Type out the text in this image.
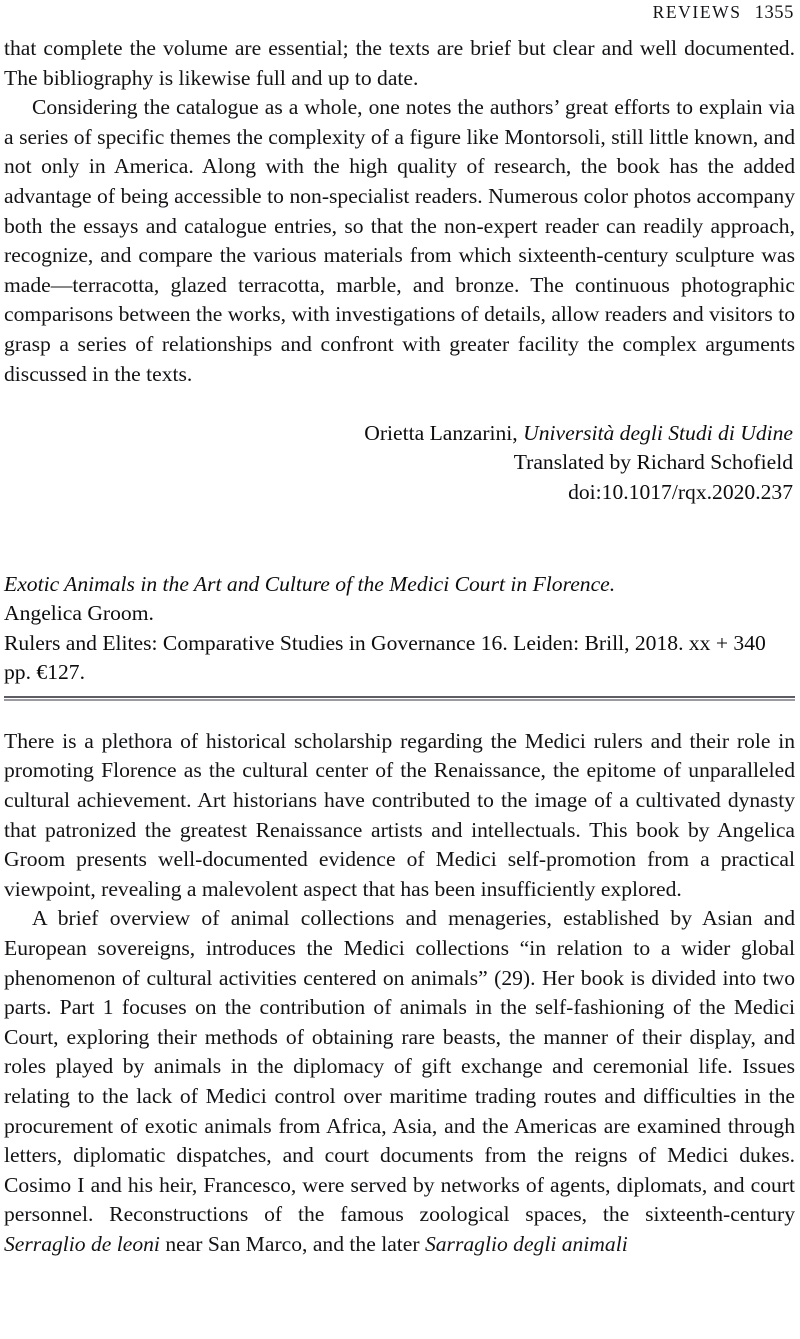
REVIEWS 1355

that complete the volume are essential; the texts are brief but clear and well documented. The bibliography is likewise full and up to date.

Considering the catalogue as a whole, one notes the authors’ great efforts to explain via a series of specific themes the complexity of a figure like Montorsoli, still little known, and not only in America. Along with the high quality of research, the book has the added advantage of being accessible to non-specialist readers. Numerous color photos accompany both the essays and catalogue entries, so that the non-expert reader can readily approach, recognize, and compare the various materials from which sixteenth-century sculpture was made—terracotta, glazed terracotta, marble, and bronze. The continuous photographic comparisons between the works, with investigations of details, allow readers and visitors to grasp a series of relationships and confront with greater facility the complex arguments discussed in the texts.

Orietta Lanzarini, Università degli Studi di Udine
Translated by Richard Schofield
doi:10.1017/rqx.2020.237
Exotic Animals in the Art and Culture of the Medici Court in Florence.
Angelica Groom.
Rulers and Elites: Comparative Studies in Governance 16. Leiden: Brill, 2018. xx + 340 pp. €127.

There is a plethora of historical scholarship regarding the Medici rulers and their role in promoting Florence as the cultural center of the Renaissance, the epitome of unparalleled cultural achievement. Art historians have contributed to the image of a cultivated dynasty that patronized the greatest Renaissance artists and intellectuals. This book by Angelica Groom presents well-documented evidence of Medici self-promotion from a practical viewpoint, revealing a malevolent aspect that has been insufficiently explored.

A brief overview of animal collections and menageries, established by Asian and European sovereigns, introduces the Medici collections “in relation to a wider global phenomenon of cultural activities centered on animals” (29). Her book is divided into two parts. Part 1 focuses on the contribution of animals in the self-fashioning of the Medici Court, exploring their methods of obtaining rare beasts, the manner of their display, and roles played by animals in the diplomacy of gift exchange and ceremonial life. Issues relating to the lack of Medici control over maritime trading routes and difficulties in the procurement of exotic animals from Africa, Asia, and the Americas are examined through letters, diplomatic dispatches, and court documents from the reigns of Medici dukes. Cosimo I and his heir, Francesco, were served by networks of agents, diplomats, and court personnel. Reconstructions of the famous zoological spaces, the sixteenth-century Serraglio de leoni near San Marco, and the later Sarraglio degli animali
